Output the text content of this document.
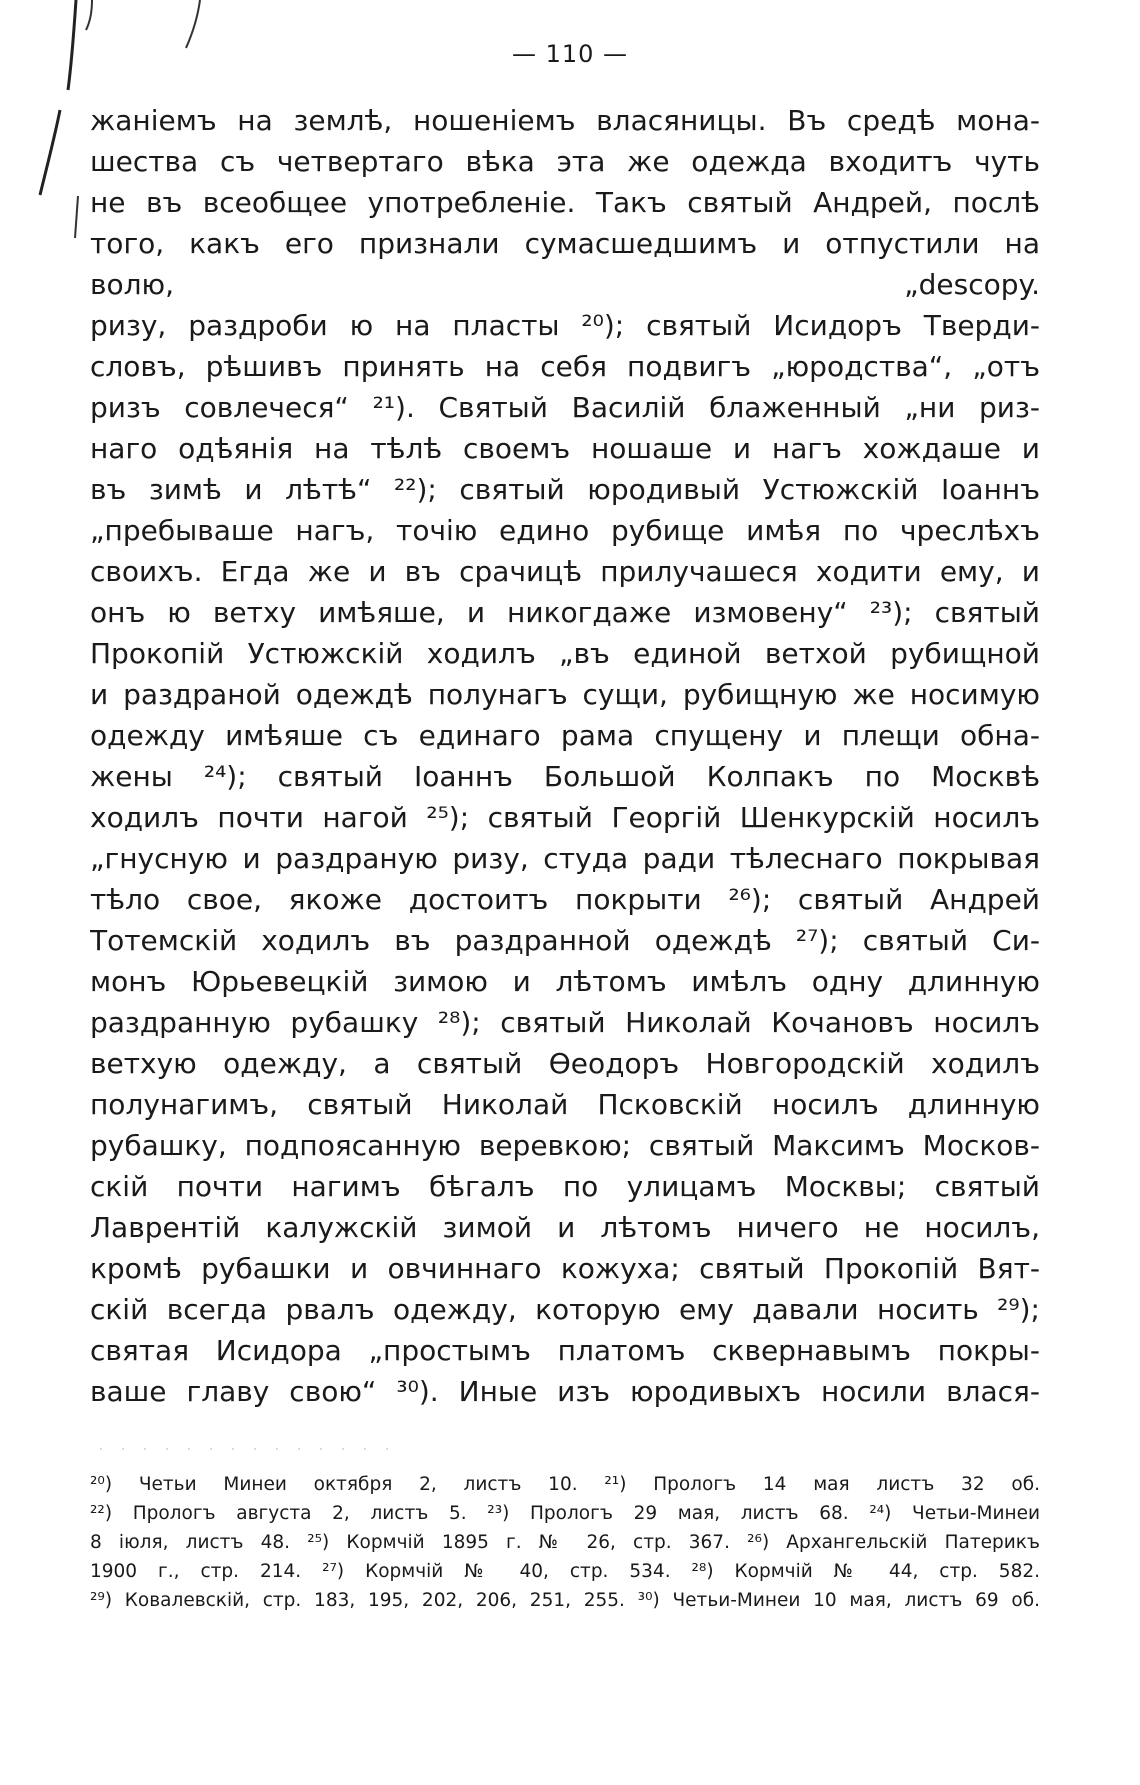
— 110 —
жаніемъ на землѣ, ношеніемъ власяницы. Въ средѣ мона-
шества съ четвертаго вѣка эта же одежда входитъ чуть
не въ всеобщее употребленіе. Такъ святый Андрей, послѣ
того, какъ его признали сумасшедшимъ и отпустили на
волю, „descopy.
ризу, раздроби ю на пласты ²⁰); святый Исидоръ Тверди-
словъ, рѣшивъ принять на себя подвигъ „юродства“, „отъ
ризъ совлечеся“ ²¹). Святый Василій блаженный „ни риз-
наго одѣянія на тѣлѣ своемъ ношаше и нагъ хождаше и
въ зимѣ и лѣтѣ“ ²²); святый юродивый Устюжскій Іоаннъ
„пребываше нагъ, точію едино рубище имѣя по чреслѣхъ
своихъ. Егда же и въ срачицѣ прилучашеся ходити ему, и
онъ ю ветху имѣяше, и никогдаже измовену“ ²³); святый
Прокопій Устюжскій ходилъ „въ единой ветхой рубищной
и раздраной одеждѣ полунагъ сущи, рубищную же носимую
одежду имѣяше съ единаго рама спущену и плещи обна-
жены ²⁴); святый Іоаннъ Большой Колпакъ по Москвѣ
ходилъ почти нагой ²⁵); святый Георгій Шенкурскій носилъ
„гнусную и раздраную ризу, студа ради тѣлеснаго покрывая
тѣло свое, якоже достоитъ покрыти ²⁶); святый Андрей
Тотемскій ходилъ въ раздранной одеждѣ ²⁷); святый Си-
монъ Юрьевецкій зимою и лѣтомъ имѣлъ одну длинную
раздранную рубашку ²⁸); святый Николай Кочановъ носилъ
ветхую одежду, а святый Ѳеодоръ Новгородскій ходилъ
полунагимъ, святый Николай Псковскій носилъ длинную
рубашку, подпоясанную веревкою; святый Максимъ Москов-
скій почти нагимъ бѣгалъ по улицамъ Москвы; святый
Лаврентій калужскій зимой и лѣтомъ ничего не носилъ,
кромѣ рубашки и овчиннаго кожуха; святый Прокопій Вят-
скій всегда рвалъ одежду, которую ему давали носить ²⁹);
святая Исидора „простымъ платомъ сквернавымъ покры-
ваше главу свою“ ³⁰). Иные изъ юродивыхъ носили влася-
²⁰) Четьи Минеи октября 2, листъ 10. ²¹) Прологъ 14 мая листъ 32 об.
²²) Прологъ августа 2, листъ 5. ²³) Прологъ 29 мая, листъ 68. ²⁴) Четьи-Минеи
8 іюля, листъ 48. ²⁵) Кормчій 1895 г. № 26, стр. 367. ²⁶) Архангельскій Патерикъ
1900 г., стр. 214. ²⁷) Кормчій № 40, стр. 534. ²⁸) Кормчій № 44, стр. 582.
²⁹) Ковалевскій, стр. 183, 195, 202, 206, 251, 255. ³⁰) Четьи-Минеи 10 мая, листъ 69 об.
